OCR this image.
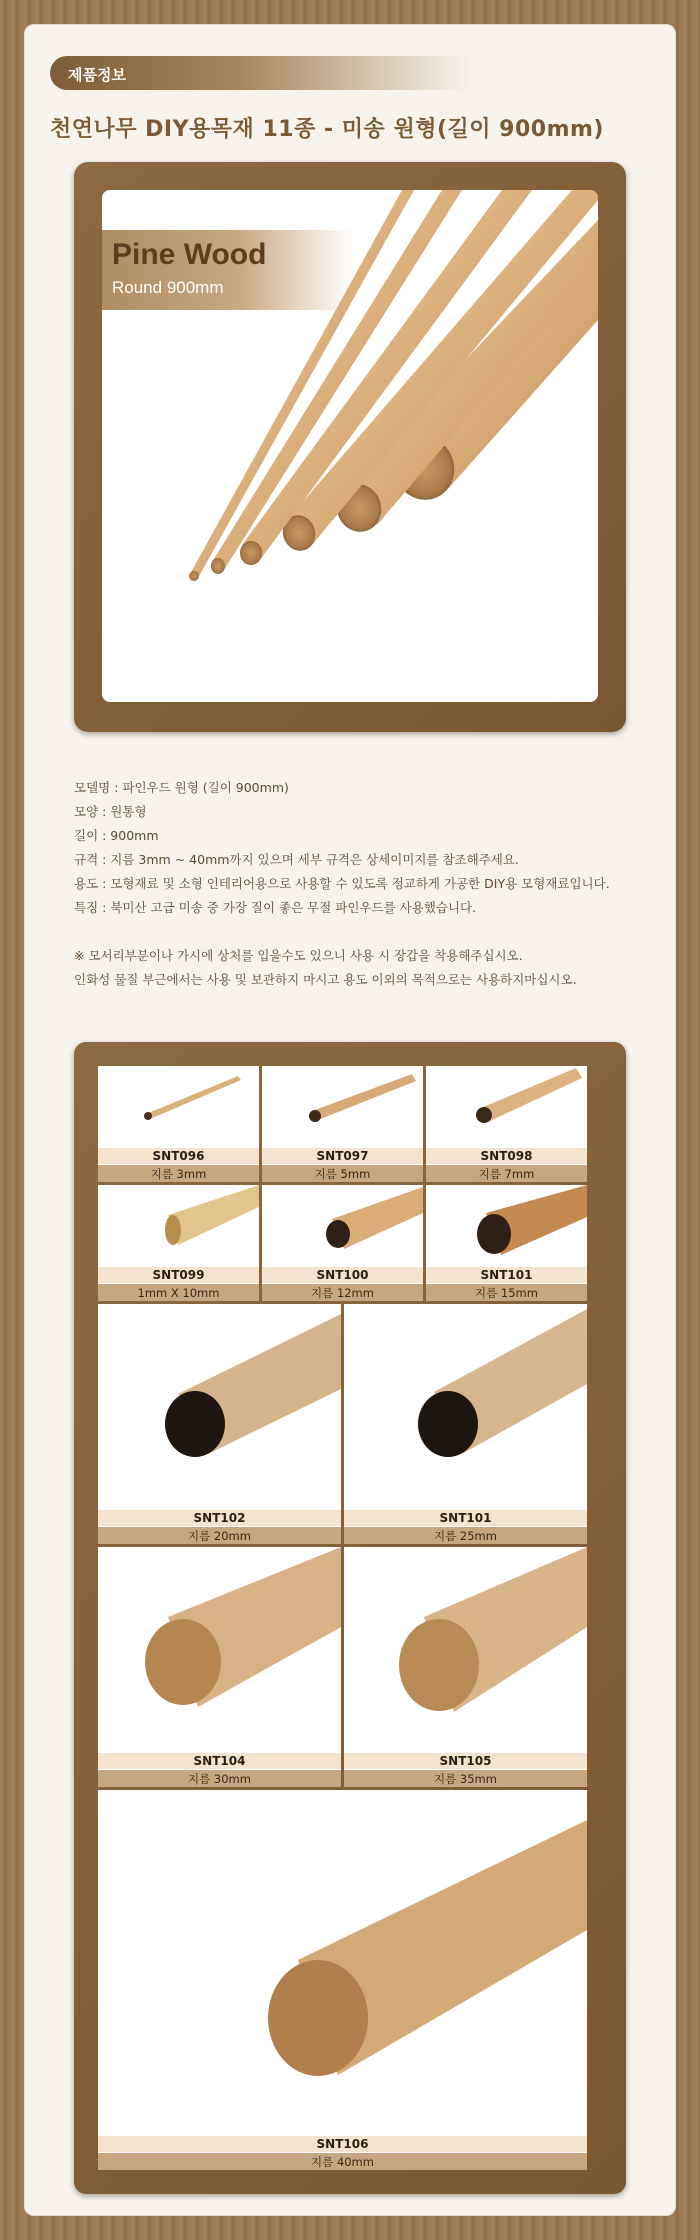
제품정보
천연나무 DIY용목재 11종 - 미송 원형(길이 900mm)
Pine Wood
Round 900mm
모델명 : 파인우드 원형 (길이 900mm)
모양 : 원통형
길이 : 900mm
규격 : 지름 3mm ~ 40mm까지 있으며 세부 규격은 상세이미지를 참조해주세요.
용도 : 모형재료 및 소형 인테리어용으로 사용할 수 있도록 정교하게 가공한 DIY용 모형재료입니다.
특징 : 북미산 고급 미송 중 가장 질이 좋은 무절 파인우드를 사용했습니다.
※ 모서리부분이나 가시에 상처를 입을수도 있으니 사용 시 장갑을 착용해주십시오.
인화성 물질 부근에서는 사용 및 보관하지 마시고 용도 이외의 목적으로는 사용하지마십시오.
SNT096
지름 3mm
SNT097
지름 5mm
SNT098
지름 7mm
SNT099
1mm X 10mm
SNT100
지름 12mm
SNT101
지름 15mm
SNT102
지름 20mm
SNT101
지름 25mm
SNT104
지름 30mm
SNT105
지름 35mm
SNT106
지름 40mm
